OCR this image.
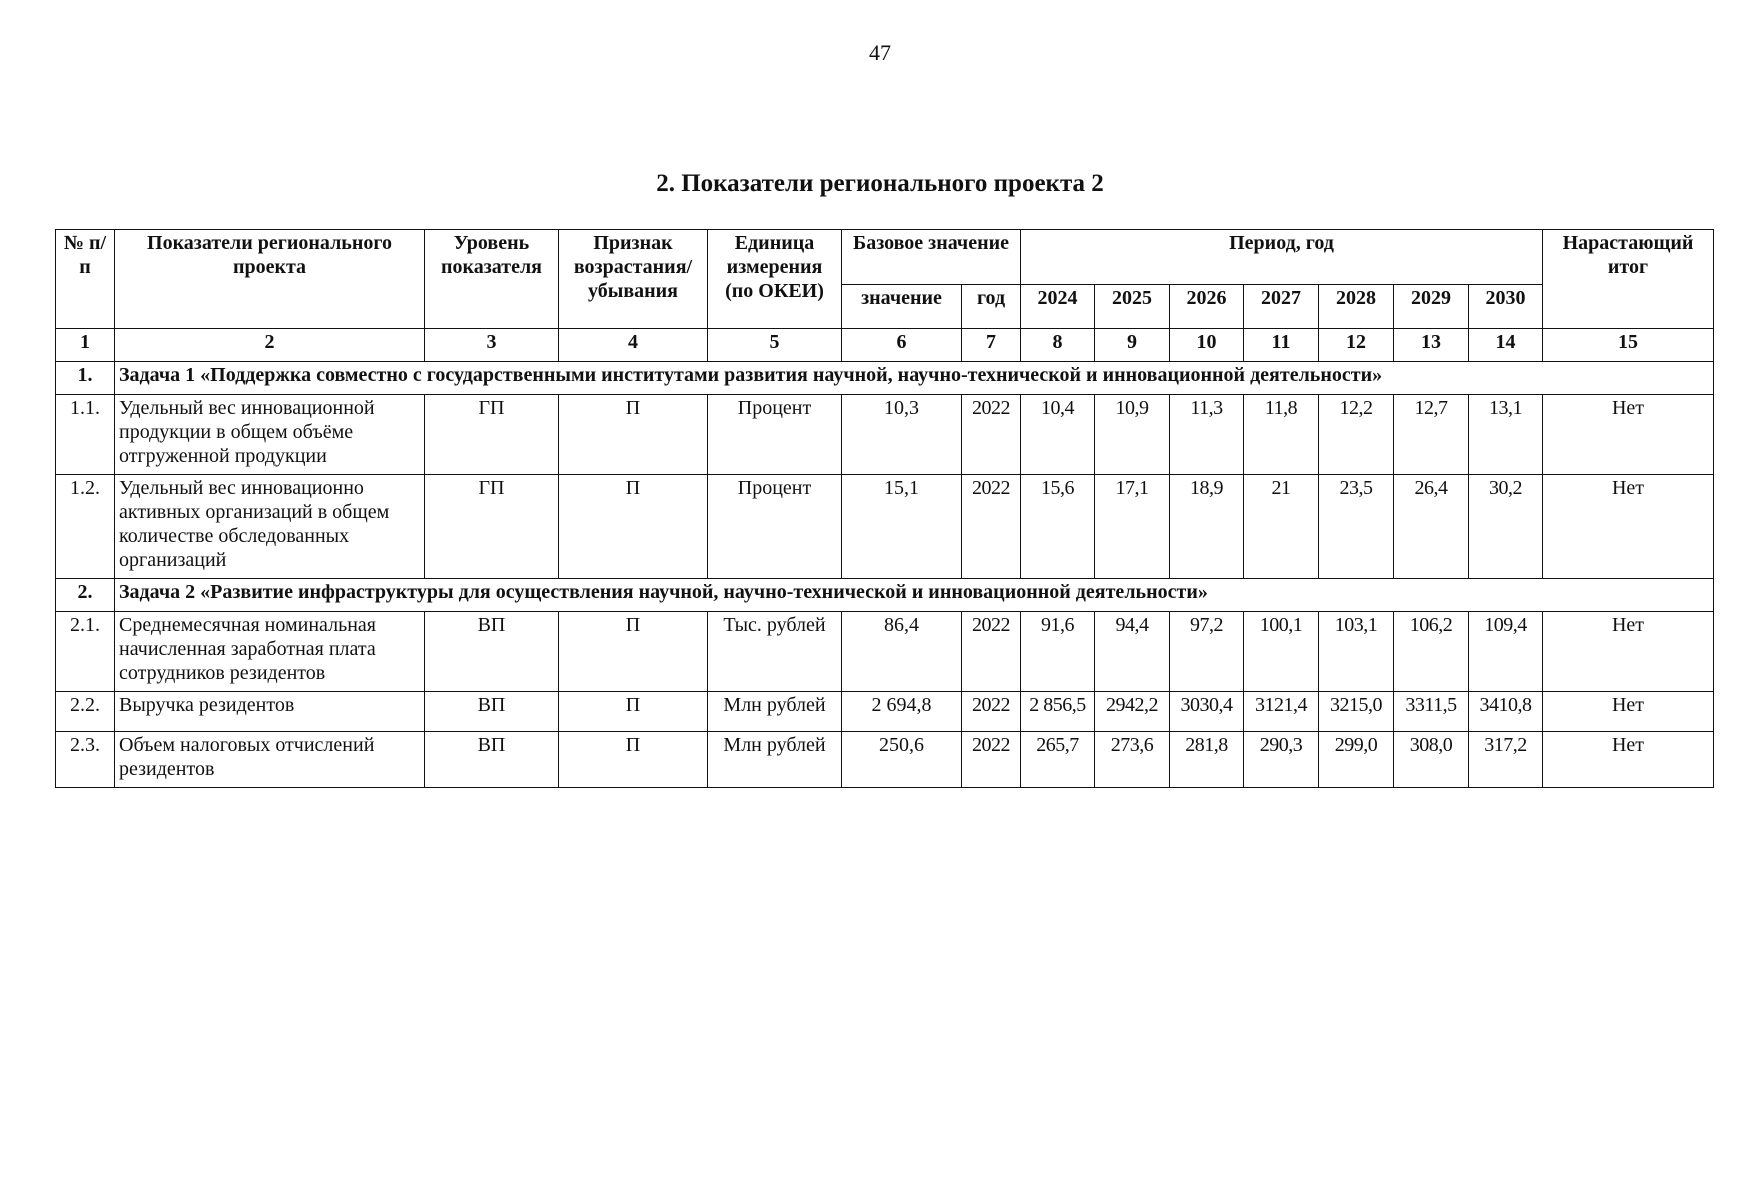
47
2. Показатели регионального проекта 2
№ п/п	Показатели регионального проекта	Уровень показателя	Признак возрастания/ убывания	Единица измерения (по ОКЕИ)	Базовое значение		Период, год							Нарастающий итог
					значение	год	2024	2025	2026	2027	2028	2029	2030	
1	2	3	4	5	6	7	8	9	10	11	12	13	14	15
1.	Задача 1 «Поддержка совместно с государственными институтами развития научной, научно-технической и инновационной деятельности»													
1.1.	Удельный вес инновационной продукции в общем объёме отгруженной продукции	ГП	П	Процент	10,3	2022	10,4	10,9	11,3	11,8	12,2	12,7	13,1	Нет
1.2.	Удельный вес инновационно активных организаций в общем количестве обследованных организаций	ГП	П	Процент	15,1	2022	15,6	17,1	18,9	21	23,5	26,4	30,2	Нет
2.	Задача 2 «Развитие инфраструктуры для осуществления научной, научно-технической и инновационной деятельности»													
2.1.	Среднемесячная номинальная начисленная заработная плата сотрудников резидентов	ВП	П	Тыс. рублей	86,4	2022	91,6	94,4	97,2	100,1	103,1	106,2	109,4	Нет
2.2.	Выручка резидентов	ВП	П	Млн рублей	2 694,8	2022	2 856,5	2942,2	3030,4	3121,4	3215,0	3311,5	3410,8	Нет
2.3.	Объем налоговых отчислений резидентов	ВП	П	Млн рублей	250,6	2022	265,7	273,6	281,8	290,3	299,0	308,0	317,2	Нет
